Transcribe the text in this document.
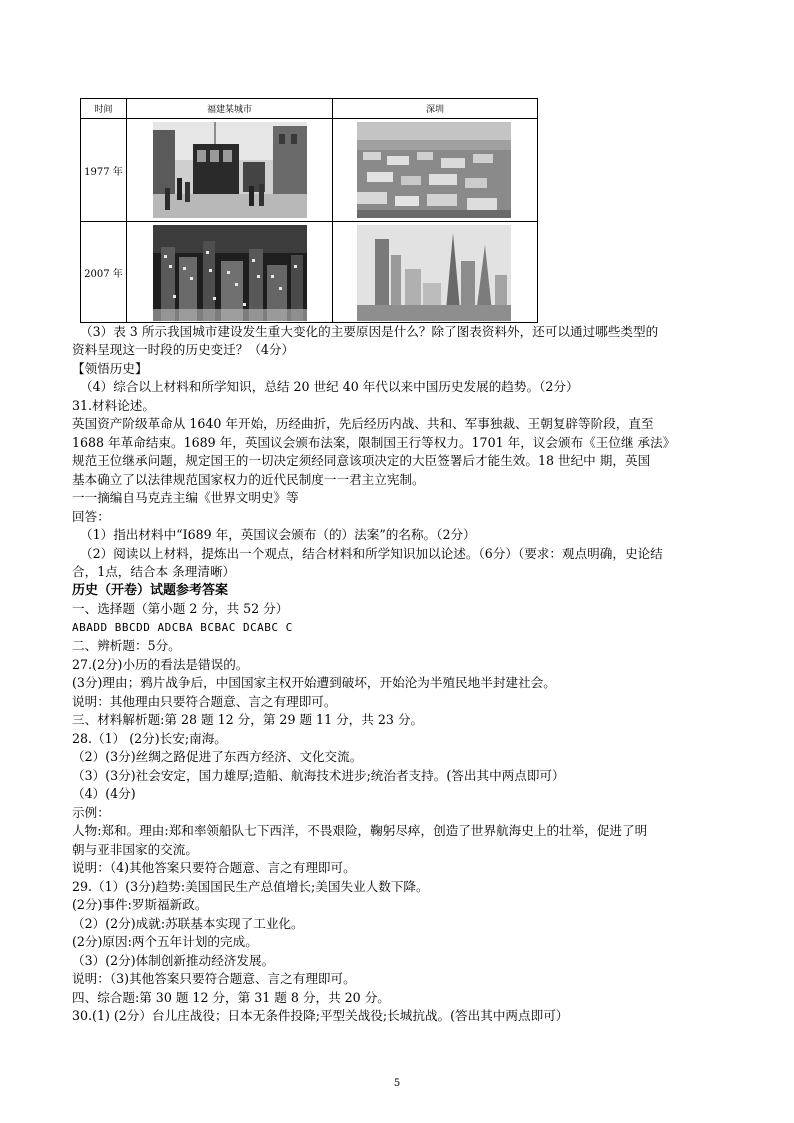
时间	福建某城市	深圳
1977 年	

2007 年	

（3）表 3 所示我国城市建设发生重大变化的主要原因是什么？除了图表资料外，还可以通过哪些类型的
资料呈现这一时段的历史变迁？（4分）
【领悟历史】
（4）综合以上材料和所学知识，总结 20 世纪 40 年代以来中国历史发展的趋势。（2分）
31.材料论述。
英国资产阶级革命从 1640 年开始，历经曲折，先后经历内战、共和、军事独裁、王朝复辟等阶段，直至
1688 年革命结束。1689 年，英国议会颁布法案，限制国王行等权力。1701 年，议会颁布《王位继 承法》
规范王位继承问题，规定国王的一切决定须经同意该项决定的大臣签署后才能生效。18 世纪中 期，英国
基本确立了以法律规范国家权力的近代民制度一一君主立宪制。
一一摘编自马克垚主编《世界文明史》等
回答：
（1）指出材料中“I689 年，英国议会颁布（的）法案”的名称。（2分）
（2）阅读以上材料，提炼出一个观点，结合材料和所学知识加以论述。（6分）（要求：观点明确，史论结
合，1点，结合本 条理清晰）
历史（开卷）试题参考答案
一、选择题（第小题 2 分，共 52 分）
ABADD BBCDD ADCBA BCBAC DCABC C
二、辨析题：5分。
27.(2分)小历的看法是错误的。
(3分)理由；鸦片战争后，中国国家主权开始遭到破坏，开始沦为半殖民地半封建社会。
说明：其他理由只要符合题意、言之有理即可。
三、材料解析题:第 28 题 12 分，第 29 题 11 分，共 23 分。
28.（1） (2分)长安;南海。
（2）(3分)丝绸之路促进了东西方经济、文化交流。
（3）(3分)社会安定，国力雄厚;造船、航海技术进步;统治者支持。(答出其中两点即可）
（4）(4分)
示例：
人物:郑和。理由:郑和率领船队七下西洋，不畏艰险，鞠躬尽瘁，创造了世界航海史上的壮举，促进了明
朝与亚非国家的交流。
说明：（4)其他答案只要符合题意、言之有理即可。
29.（1）(3分)趋势:美国国民生产总值增长;美国失业人数下降。
(2分)事件:罗斯福新政。
（2）(2分)成就:苏联基本实现了工业化。
(2分)原因:两个五年计划的完成。
（3）(2分)体制创新推动经济发展。
说明：（3)其他答案只要符合题意、言之有理即可。
四、综合题:第 30 题 12 分，第 31 题 8 分，共 20 分。
30.(1) (2分）台儿庄战役；日本无条件投降;平型关战役;长城抗战。(答出其中两点即可）
5
